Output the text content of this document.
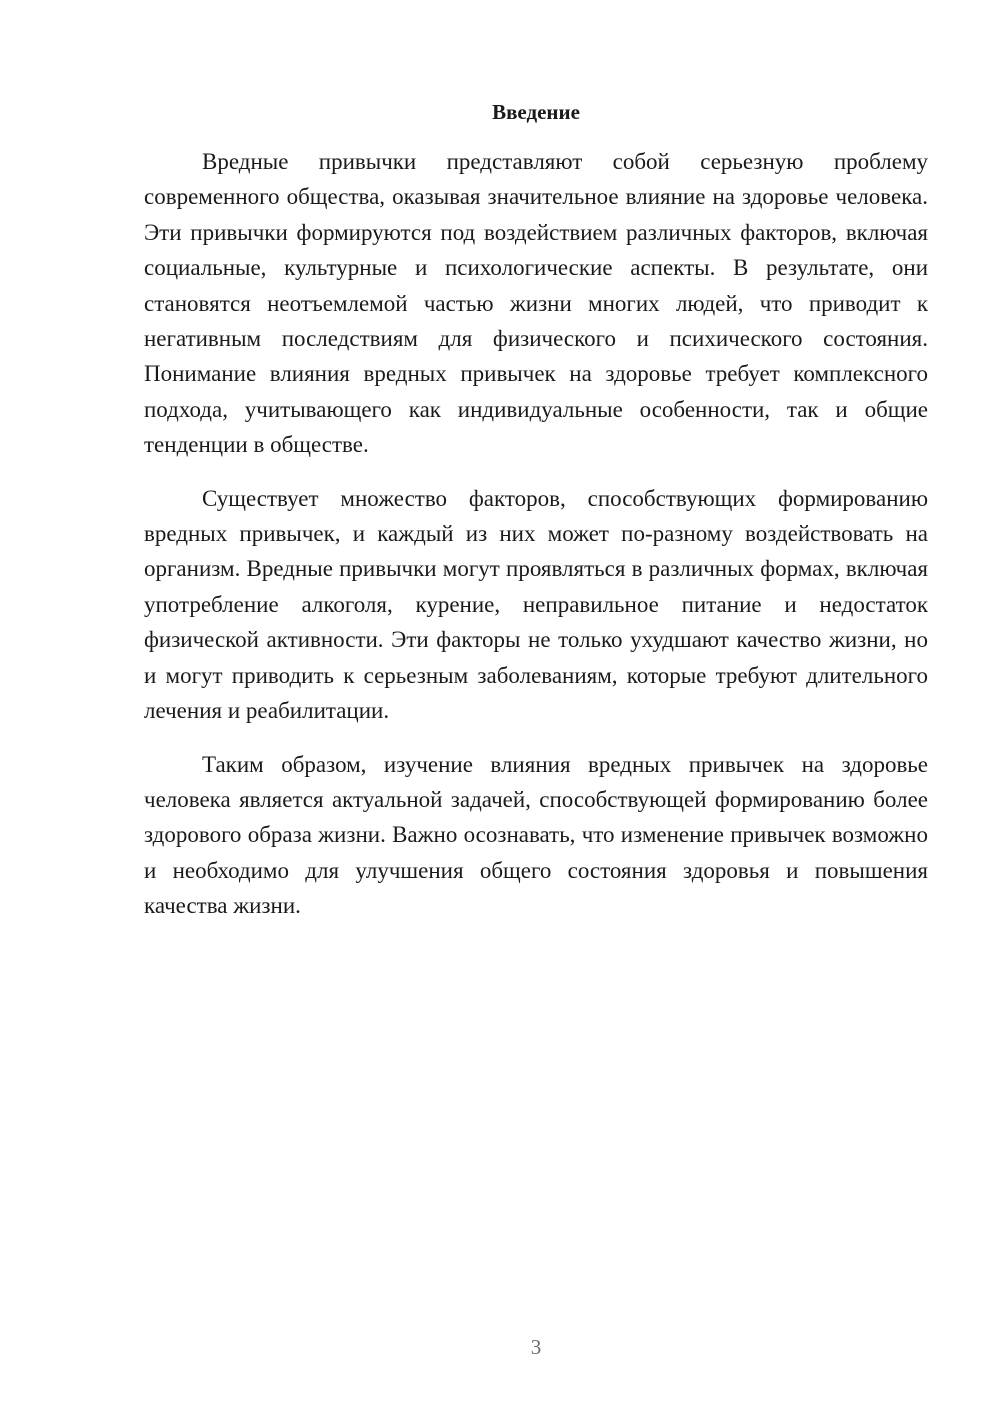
Введение

Вредные привычки представляют собой серьезную проблему современного общества, оказывая значительное влияние на здоровье человека. Эти привычки формируются под воздействием различных факторов, включая социальные, культурные и психологические аспекты. В результате, они становятся неотъемлемой частью жизни многих людей, что приводит к негативным последствиям для физического и психического состояния. Понимание влияния вредных привычек на здоровье требует комплексного подхода, учитывающего как индивидуальные особенности, так и общие тенденции в обществе.

Существует множество факторов, способствующих формированию вредных привычек, и каждый из них может по-разному воздействовать на организм. Вредные привычки могут проявляться в различных формах, включая употребление алкоголя, курение, неправильное питание и недостаток физической активности. Эти факторы не только ухудшают качество жизни, но и могут приводить к серьезным заболеваниям, которые требуют длительного лечения и реабилитации.

Таким образом, изучение влияния вредных привычек на здоровье человека является актуальной задачей, способствующей формированию более здорового образа жизни. Важно осознавать, что изменение привычек возможно и необходимо для улучшения общего состояния здоровья и повышения качества жизни.

3
